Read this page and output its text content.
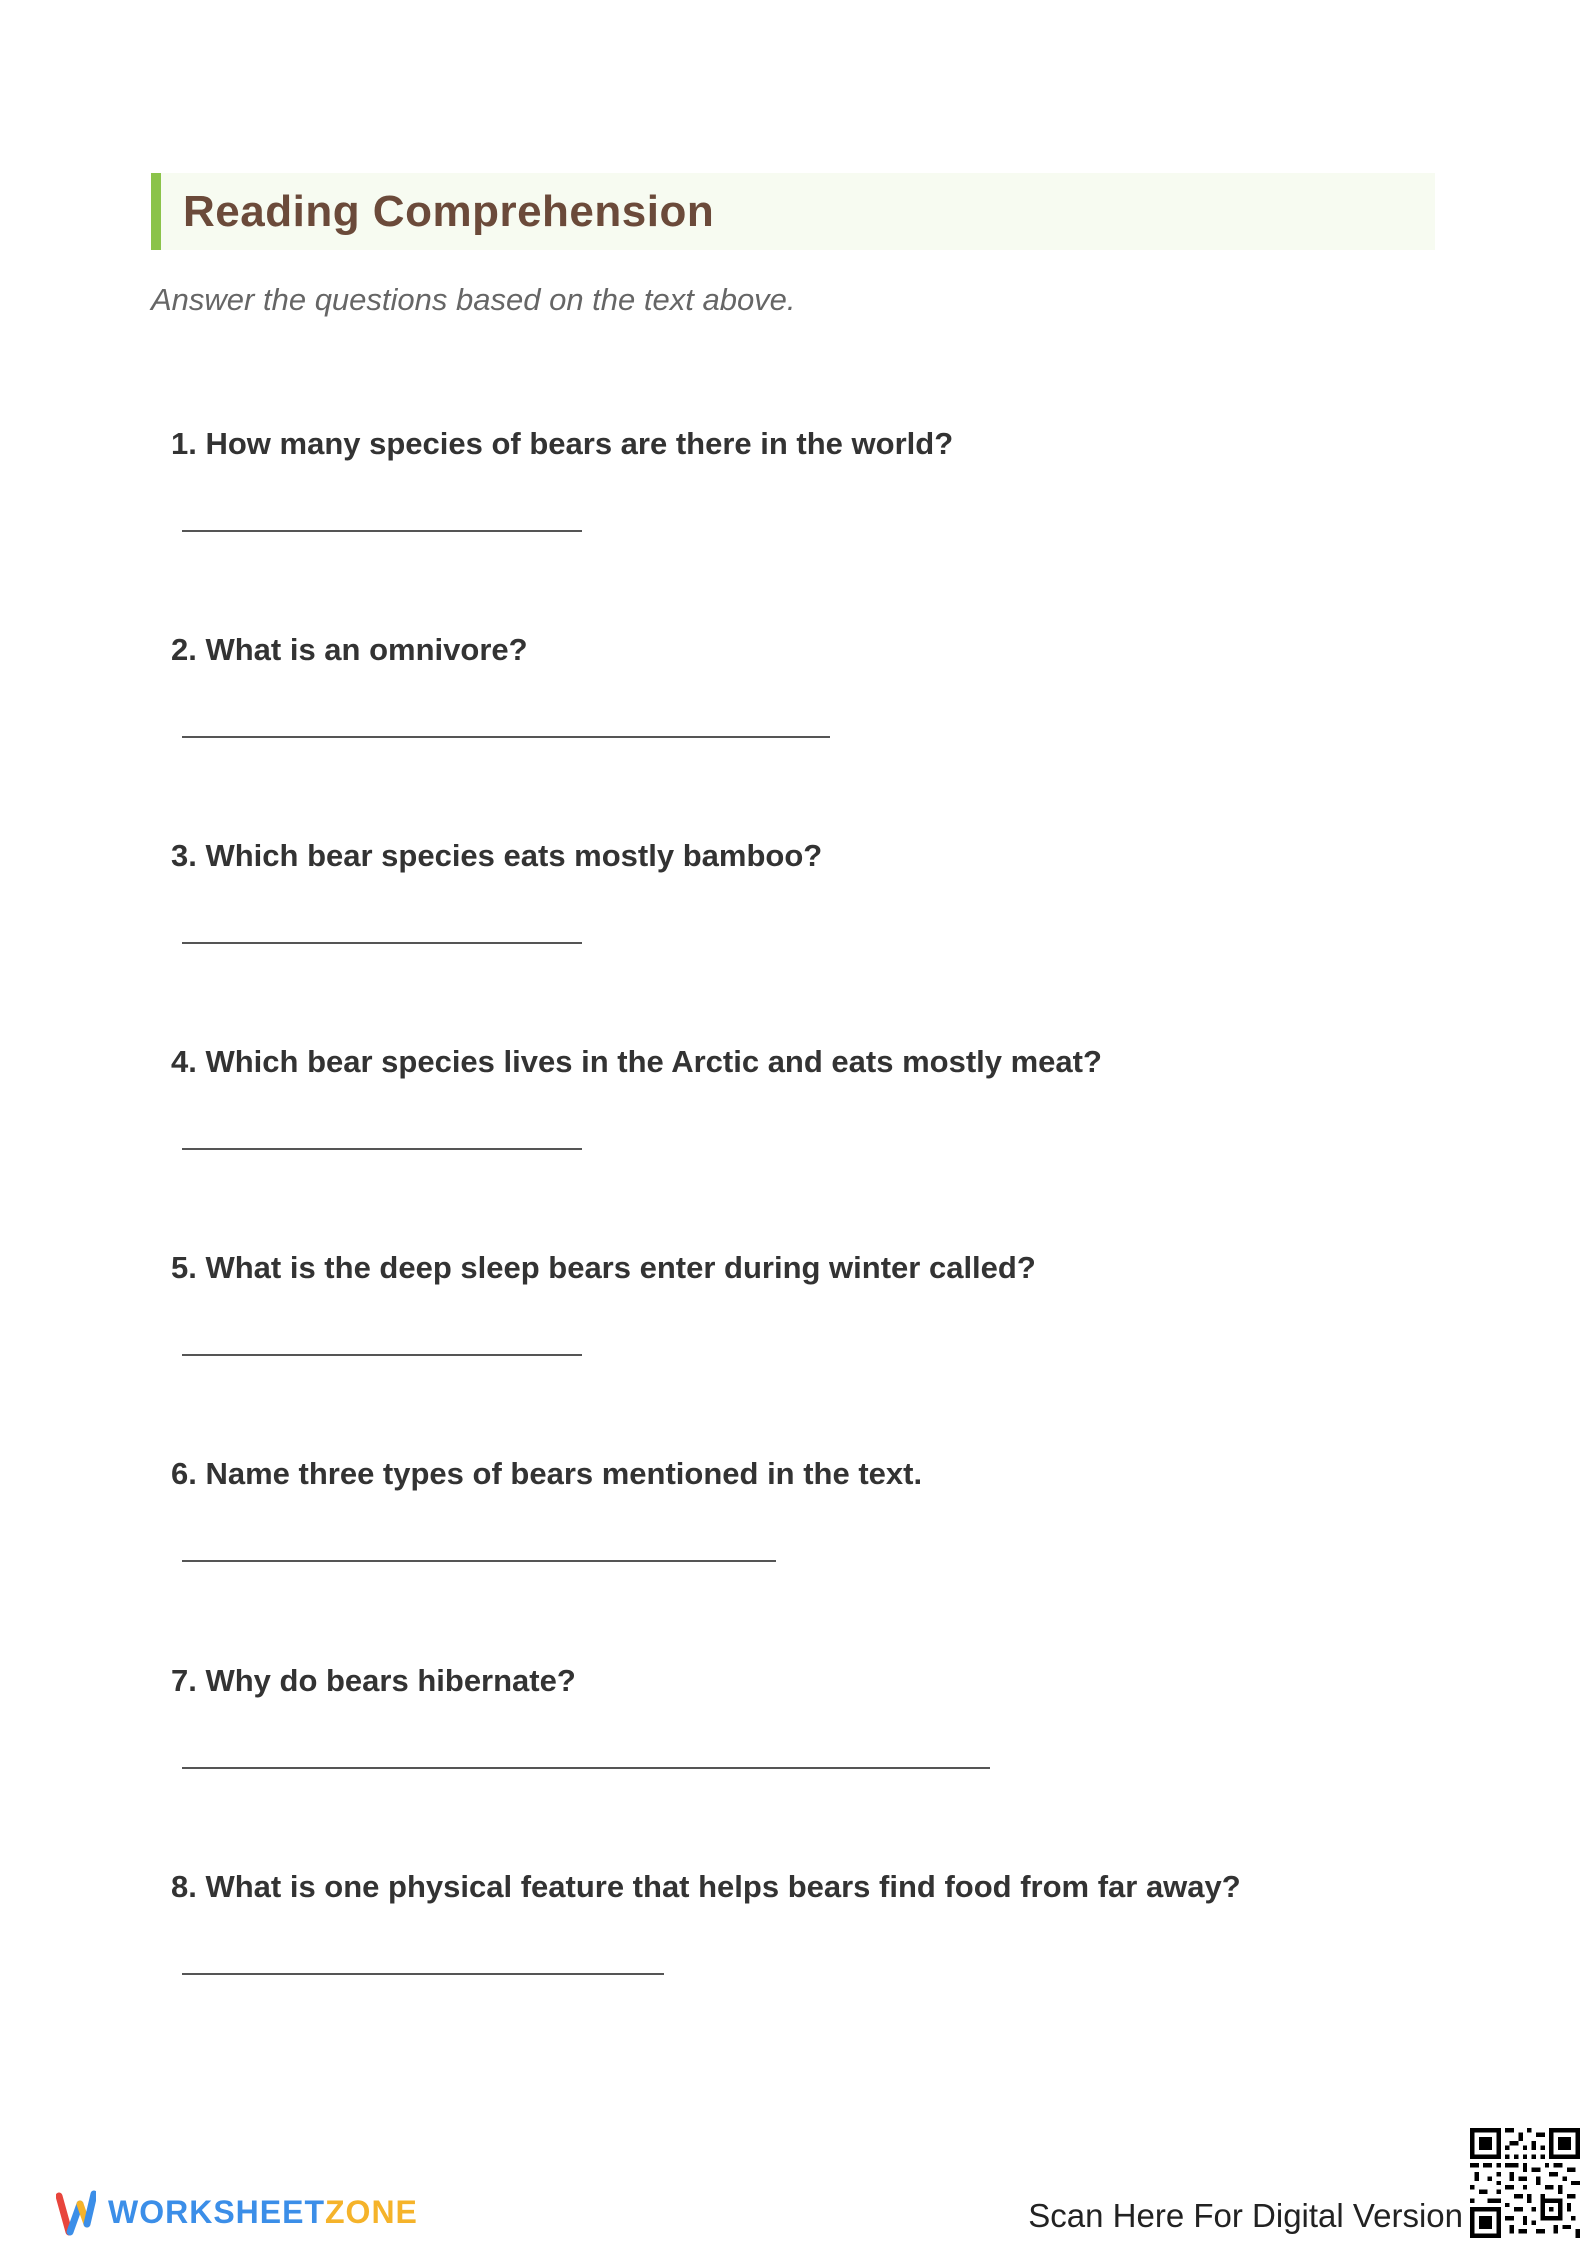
Reading Comprehension
Answer the questions based on the text above.
1. How many species of bears are there in the world?
2. What is an omnivore?
3. Which bear species eats mostly bamboo?
4. Which bear species lives in the Arctic and eats mostly meat?
5. What is the deep sleep bears enter during winter called?
6. Name three types of bears mentioned in the text.
7. Why do bears hibernate?
8. What is one physical feature that helps bears find food from far away?
WORKSHEETZONE	Scan Here For Digital Version
